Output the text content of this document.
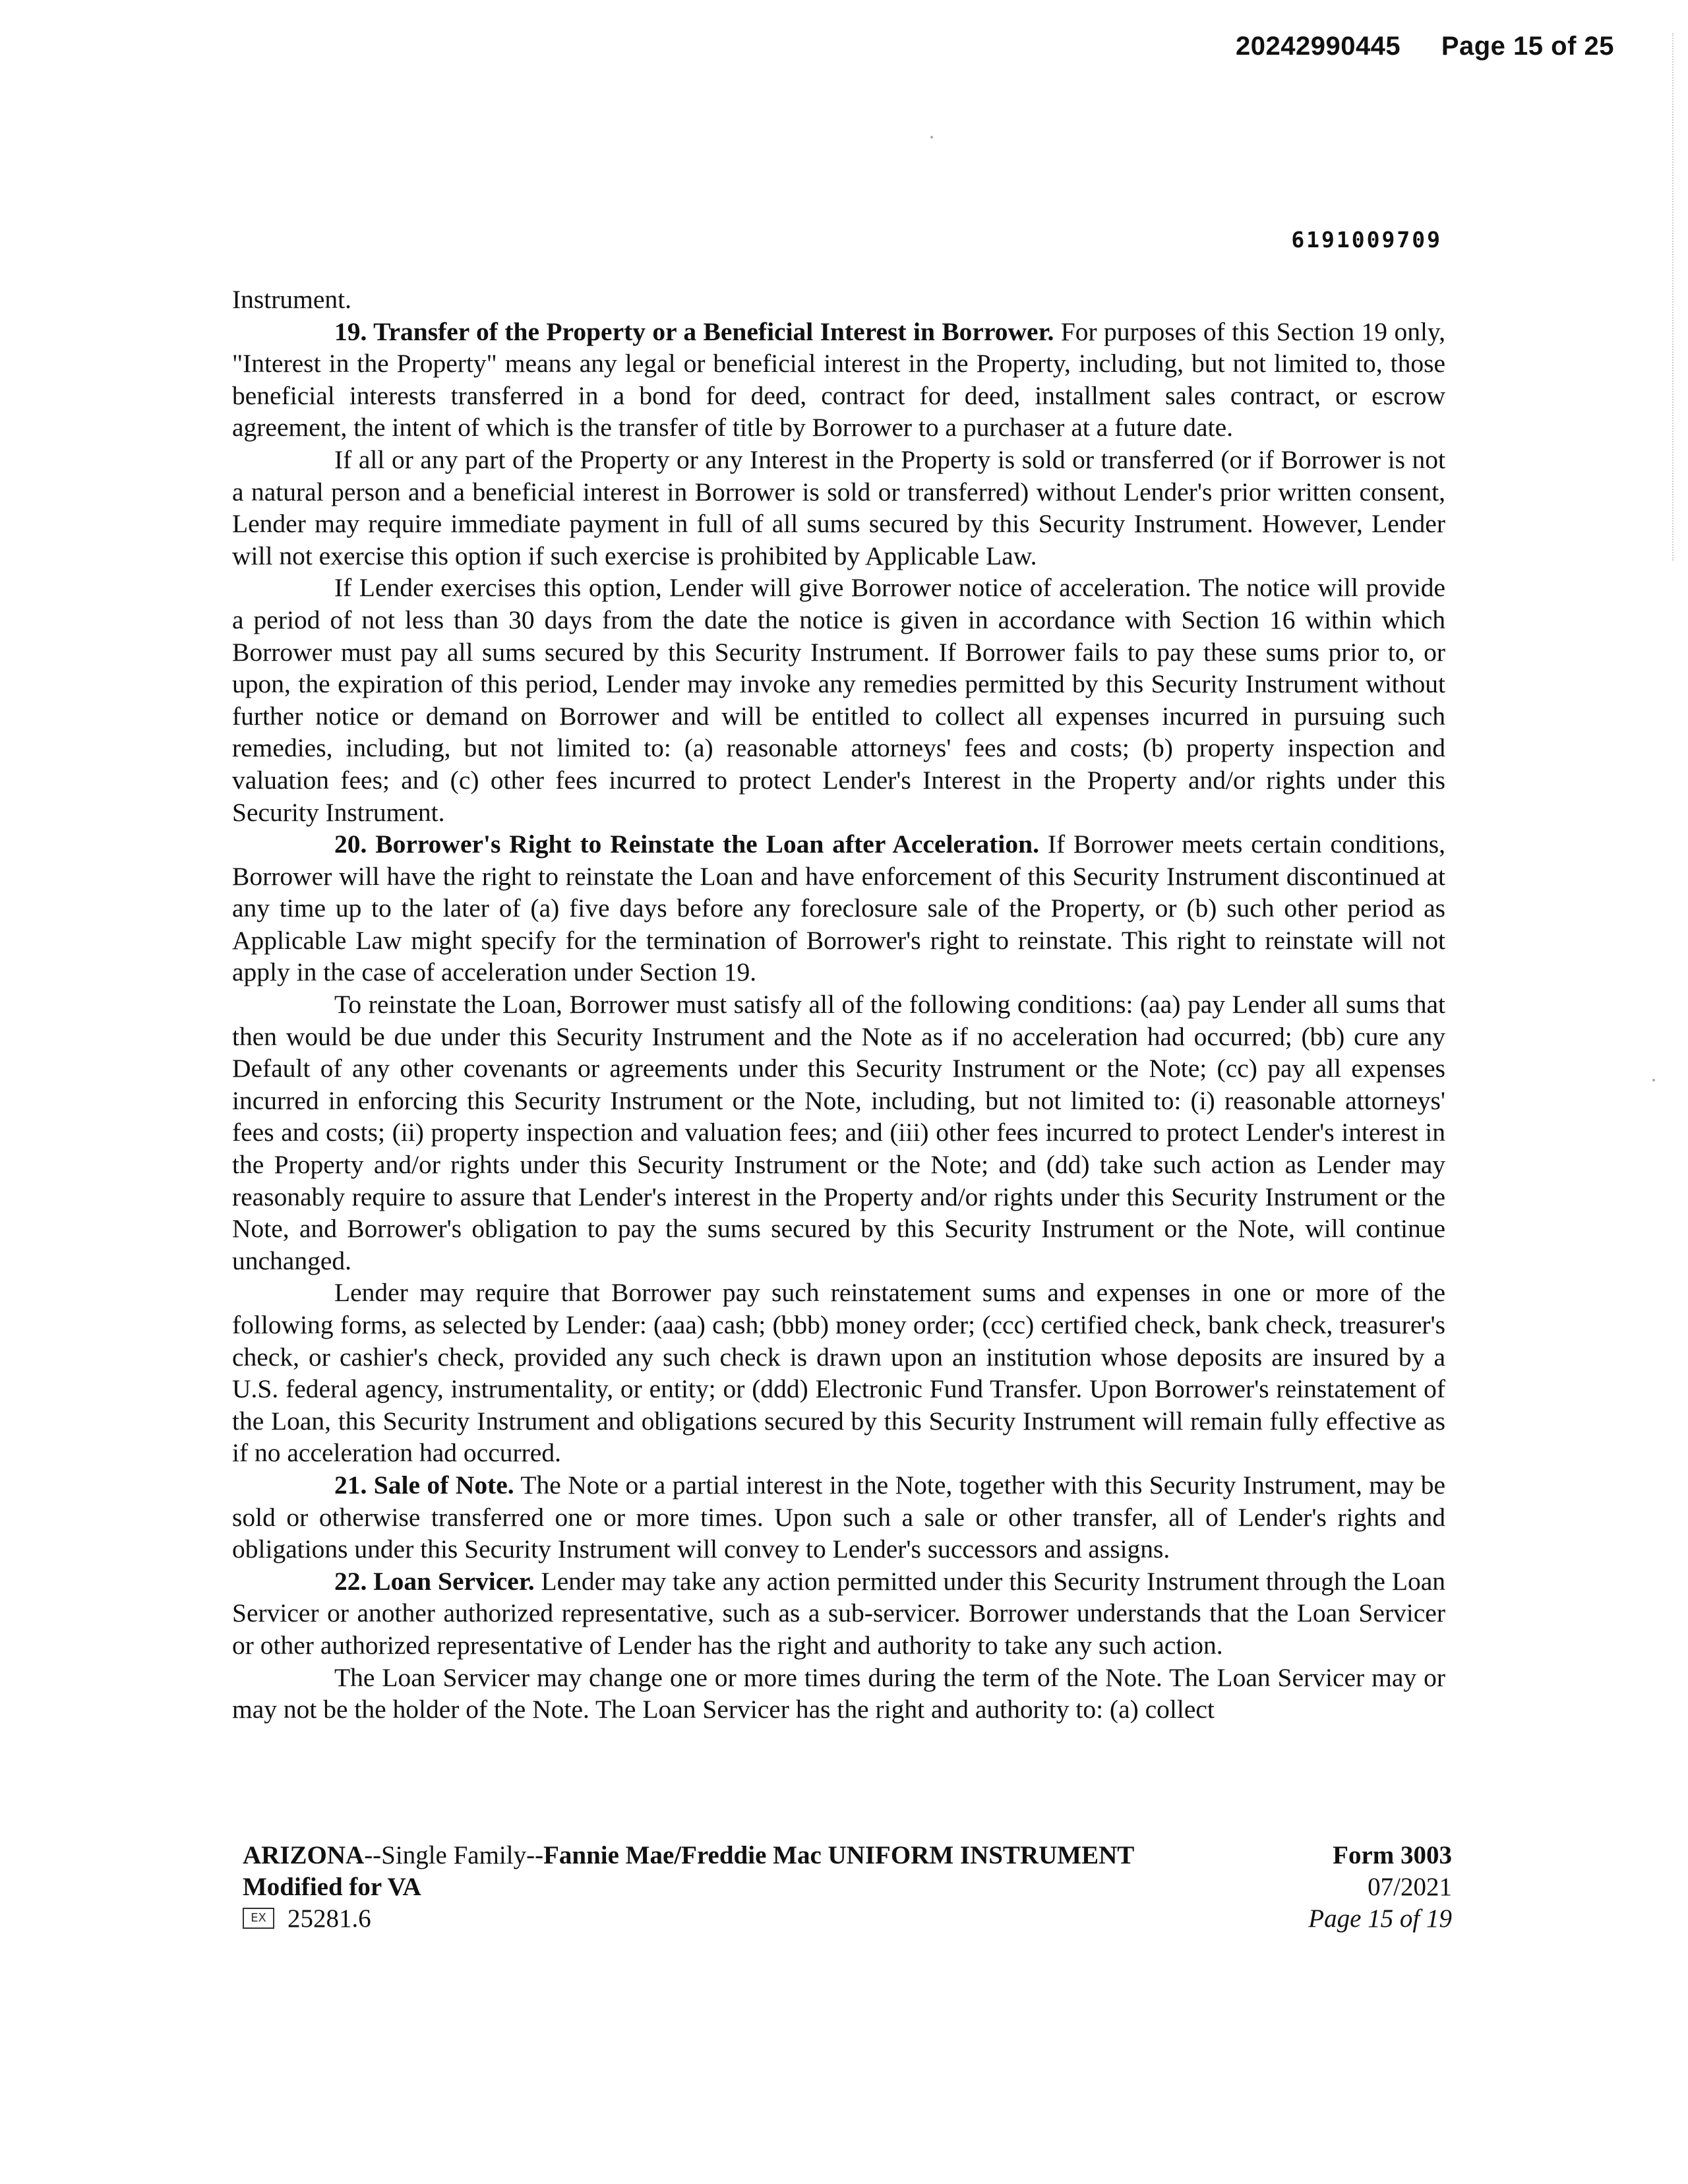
20242990445 Page 15 of 25
6191009709

Instrument.

19. Transfer of the Property or a Beneficial Interest in Borrower. For purposes of this Section 19 only, "Interest in the Property" means any legal or beneficial interest in the Property, including, but not limited to, those beneficial interests transferred in a bond for deed, contract for deed, installment sales contract, or escrow agreement, the intent of which is the transfer of title by Borrower to a purchaser at a future date.

If all or any part of the Property or any Interest in the Property is sold or transferred (or if Borrower is not a natural person and a beneficial interest in Borrower is sold or transferred) without Lender's prior written consent, Lender may require immediate payment in full of all sums secured by this Security Instrument. However, Lender will not exercise this option if such exercise is prohibited by Applicable Law.

If Lender exercises this option, Lender will give Borrower notice of acceleration. The notice will provide a period of not less than 30 days from the date the notice is given in accordance with Section 16 within which Borrower must pay all sums secured by this Security Instrument. If Borrower fails to pay these sums prior to, or upon, the expiration of this period, Lender may invoke any remedies permitted by this Security Instrument without further notice or demand on Borrower and will be entitled to collect all expenses incurred in pursuing such remedies, including, but not limited to: (a) reasonable attorneys' fees and costs; (b) property inspection and valuation fees; and (c) other fees incurred to protect Lender's Interest in the Property and/or rights under this Security Instrument.

20. Borrower's Right to Reinstate the Loan after Acceleration. If Borrower meets certain conditions, Borrower will have the right to reinstate the Loan and have enforcement of this Security Instrument discontinued at any time up to the later of (a) five days before any foreclosure sale of the Property, or (b) such other period as Applicable Law might specify for the termination of Borrower's right to reinstate. This right to reinstate will not apply in the case of acceleration under Section 19.

To reinstate the Loan, Borrower must satisfy all of the following conditions: (aa) pay Lender all sums that then would be due under this Security Instrument and the Note as if no acceleration had occurred; (bb) cure any Default of any other covenants or agreements under this Security Instrument or the Note; (cc) pay all expenses incurred in enforcing this Security Instrument or the Note, including, but not limited to: (i) reasonable attorneys' fees and costs; (ii) property inspection and valuation fees; and (iii) other fees incurred to protect Lender's interest in the Property and/or rights under this Security Instrument or the Note; and (dd) take such action as Lender may reasonably require to assure that Lender's interest in the Property and/or rights under this Security Instrument or the Note, and Borrower's obligation to pay the sums secured by this Security Instrument or the Note, will continue unchanged.

Lender may require that Borrower pay such reinstatement sums and expenses in one or more of the following forms, as selected by Lender: (aaa) cash; (bbb) money order; (ccc) certified check, bank check, treasurer's check, or cashier's check, provided any such check is drawn upon an institution whose deposits are insured by a U.S. federal agency, instrumentality, or entity; or (ddd) Electronic Fund Transfer. Upon Borrower's reinstatement of the Loan, this Security Instrument and obligations secured by this Security Instrument will remain fully effective as if no acceleration had occurred.

21. Sale of Note. The Note or a partial interest in the Note, together with this Security Instrument, may be sold or otherwise transferred one or more times. Upon such a sale or other transfer, all of Lender's rights and obligations under this Security Instrument will convey to Lender's successors and assigns.

22. Loan Servicer. Lender may take any action permitted under this Security Instrument through the Loan Servicer or another authorized representative, such as a sub-servicer. Borrower understands that the Loan Servicer or other authorized representative of Lender has the right and authority to take any such action.

The Loan Servicer may change one or more times during the term of the Note. The Loan Servicer may or may not be the holder of the Note. The Loan Servicer has the right and authority to: (a) collect

ARIZONA--Single Family--Fannie Mae/Freddie Mac UNIFORM INSTRUMENT
Modified for VA
EX 25281.6
Form 3003
07/2021
Page 15 of 19
